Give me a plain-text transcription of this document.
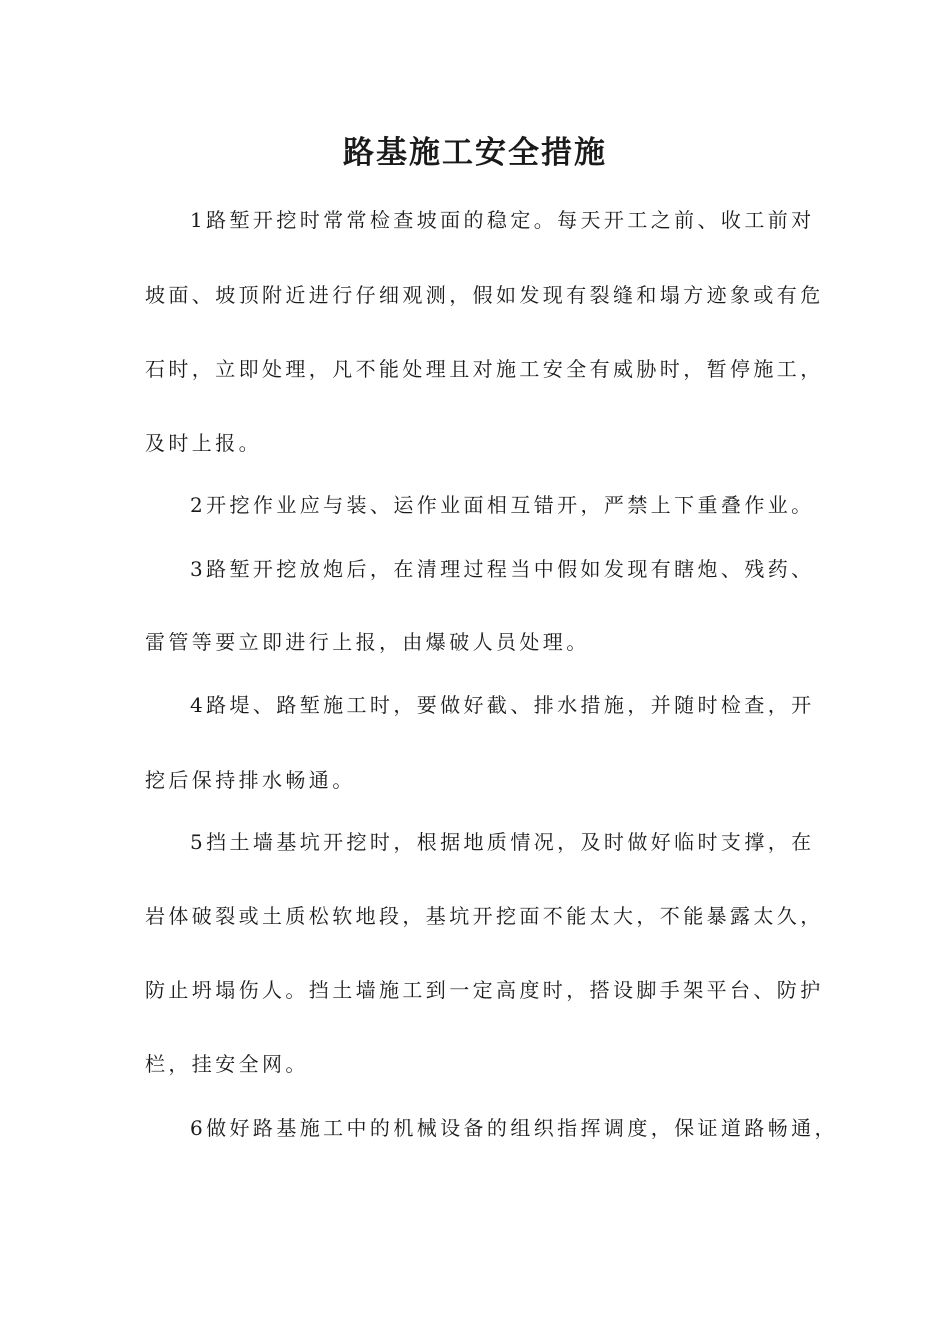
路基施工安全措施

1路堑开挖时常常检查坡面的稳定。每天开工之前、收工前对

坡面、坡顶附近进行仔细观测，假如发现有裂缝和塌方迹象或有危

石时，立即处理，凡不能处理且对施工安全有威胁时，暂停施工，

及时上报。

2开挖作业应与装、运作业面相互错开，严禁上下重叠作业。

3路堑开挖放炮后，在清理过程当中假如发现有瞎炮、残药、

雷管等要立即进行上报，由爆破人员处理。

4路堤、路堑施工时，要做好截、排水措施，并随时检查，开

挖后保持排水畅通。

5挡土墙基坑开挖时，根据地质情况，及时做好临时支撑，在

岩体破裂或土质松软地段，基坑开挖面不能太大，不能暴露太久，

防止坍塌伤人。挡土墙施工到一定高度时，搭设脚手架平台、防护

栏，挂安全网。

6做好路基施工中的机械设备的组织指挥调度，保证道路畅通，
